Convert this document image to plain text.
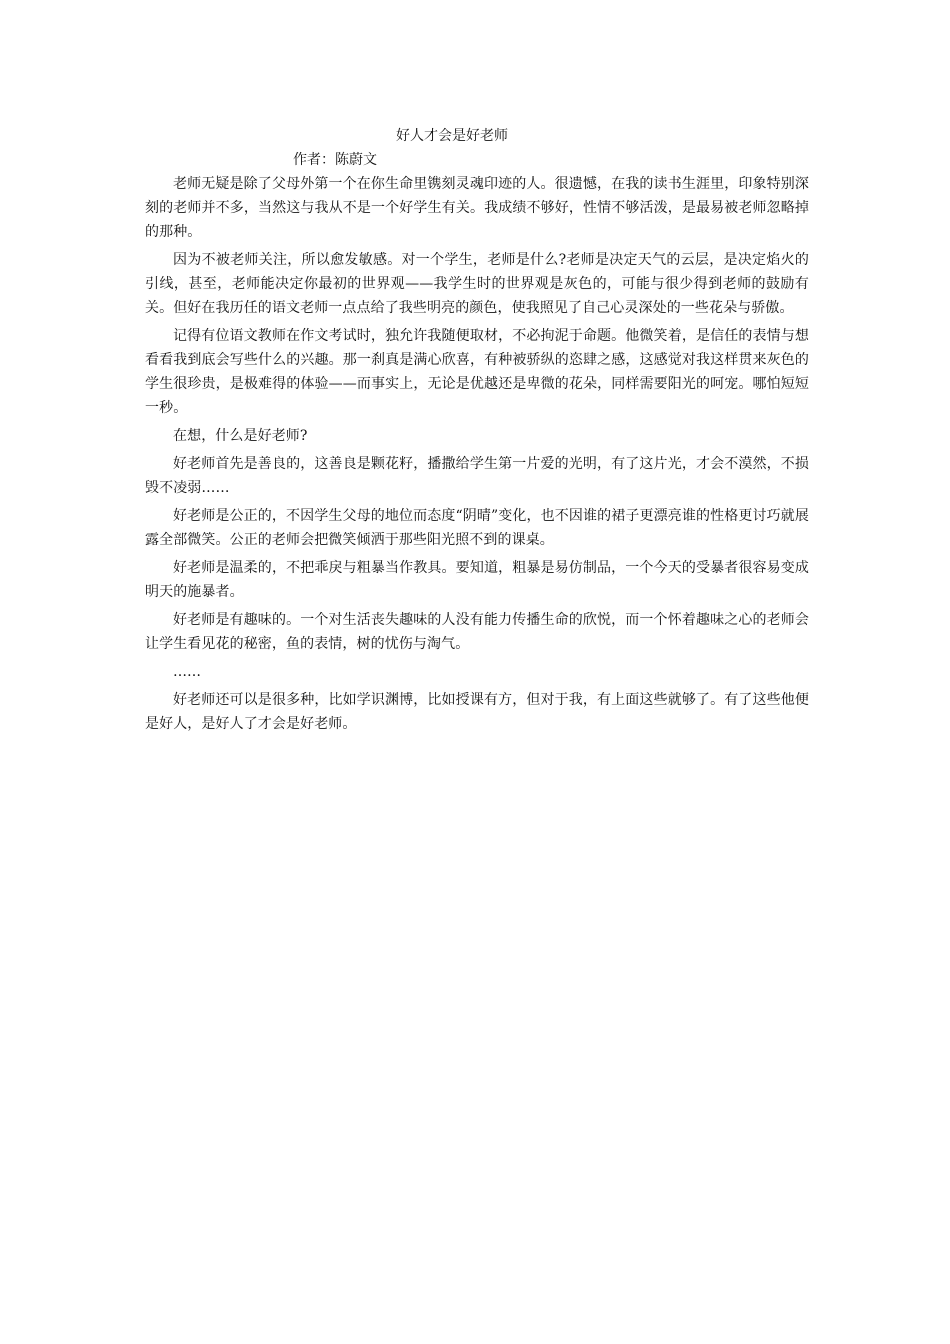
好人才会是好老师
作者：陈蔚文

老师无疑是除了父母外第一个在你生命里镌刻灵魂印迹的人。很遗憾，在我的读书生涯里，印象特别深刻的老师并不多，当然这与我从不是一个好学生有关。我成绩不够好，性情不够活泼，是最易被老师忽略掉的那种。

因为不被老师关注，所以愈发敏感。对一个学生，老师是什么?老师是决定天气的云层，是决定焰火的引线，甚至，老师能决定你最初的世界观——我学生时的世界观是灰色的，可能与很少得到老师的鼓励有关。但好在我历任的语文老师一点点给了我些明亮的颜色，使我照见了自己心灵深处的一些花朵与骄傲。

记得有位语文教师在作文考试时，独允许我随便取材，不必拘泥于命题。他微笑着，是信任的表情与想看看我到底会写些什么的兴趣。那一刹真是满心欣喜，有种被骄纵的恣肆之感，这感觉对我这样贯来灰色的学生很珍贵，是极难得的体验——而事实上，无论是优越还是卑微的花朵，同样需要阳光的呵宠。哪怕短短一秒。

在想，什么是好老师?

好老师首先是善良的，这善良是颗花籽，播撒给学生第一片爱的光明，有了这片光，才会不漠然，不损毁不凌弱……

好老师是公正的，不因学生父母的地位而态度“阴晴”变化，也不因谁的裙子更漂亮谁的性格更讨巧就展露全部微笑。公正的老师会把微笑倾洒于那些阳光照不到的课桌。

好老师是温柔的，不把乖戾与粗暴当作教具。要知道，粗暴是易仿制品，一个今天的受暴者很容易变成明天的施暴者。

好老师是有趣味的。一个对生活丧失趣味的人没有能力传播生命的欣悦，而一个怀着趣味之心的老师会让学生看见花的秘密，鱼的表情，树的忧伤与淘气。

……

好老师还可以是很多种，比如学识渊博，比如授课有方，但对于我，有上面这些就够了。有了这些他便是好人，是好人了才会是好老师。
